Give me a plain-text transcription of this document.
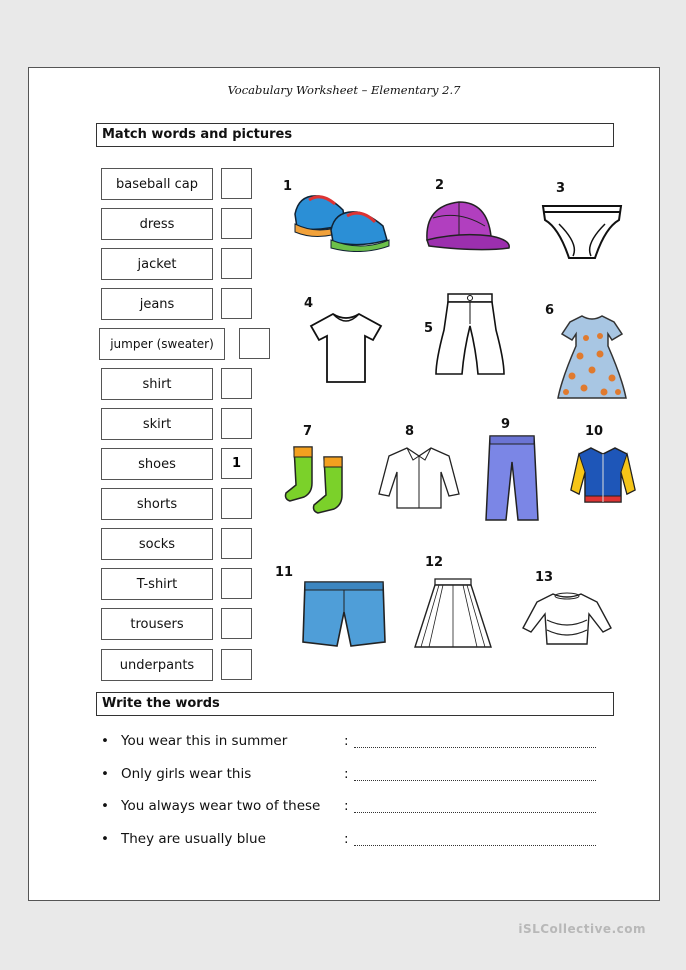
Vocabulary Worksheet – Elementary 2.7
Match words and pictures
baseball cap
dress
jacket
jeans
jumper (sweater)
shirt
skirt
shoes	1
shorts
socks
T-shirt
trousers
underpants
1	2	3
4
5
6
7	8	9	10
11
12
13
Write the words
• You wear this in summer	:
• Only girls wear this	:
• You always wear two of these :
• They are usually blue	:
iSLCollective.com
